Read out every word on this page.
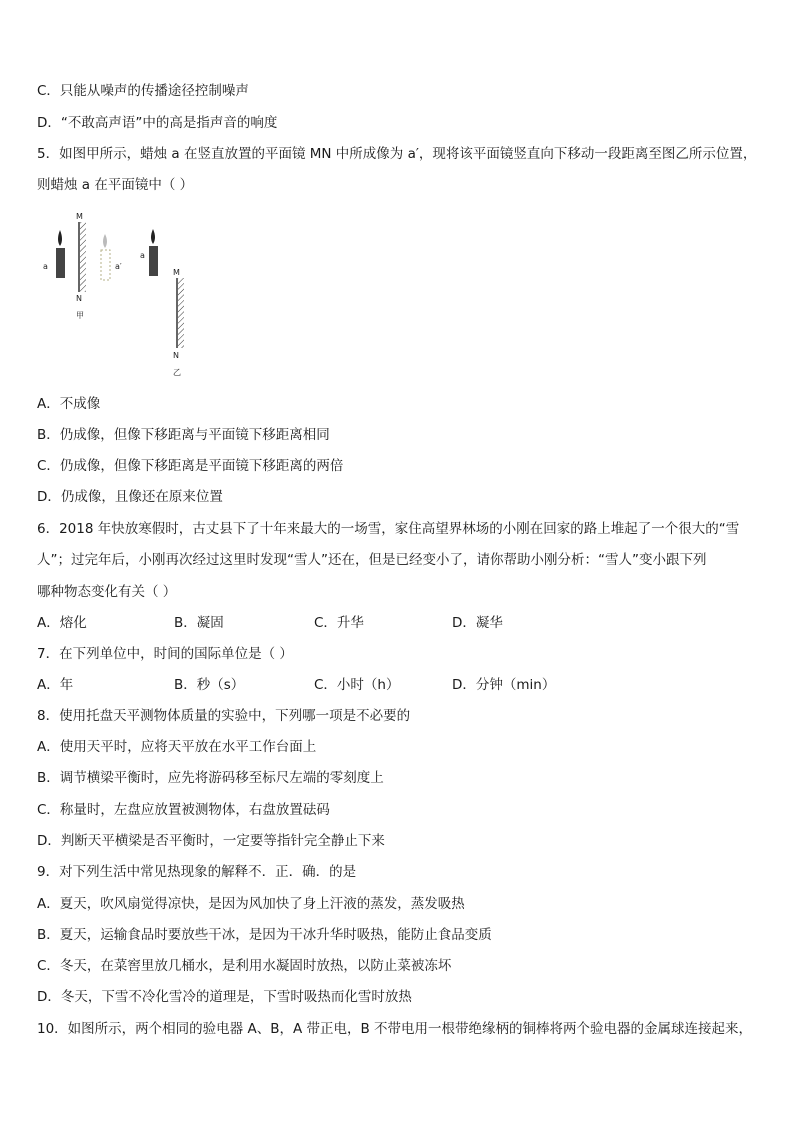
C．只能从噪声的传播途径控制噪声
D．“不敢高声语”中的高是指声音的响度
5．如图甲所示，蜡烛 a 在竖直放置的平面镜 MN 中所成像为 a′，现将该平面镜竖直向下移动一段距离至图乙所示位置，
则蜡烛 a 在平面镜中（ ）
a
M
N
甲
a′
a
M
N
乙
A．不成像
B．仍成像，但像下移距离与平面镜下移距离相同
C．仍成像，但像下移距离是平面镜下移距离的两倍
D．仍成像，且像还在原来位置
6．2018 年快放寒假时，古丈县下了十年来最大的一场雪，家住高望界林场的小刚在回家的路上堆起了一个很大的“雪
人”；过完年后，小刚再次经过这里时发现“雪人”还在，但是已经变小了，请你帮助小刚分析：“雪人”变小跟下列
哪种物态变化有关（ ）
A．熔化	B．凝固	C．升华	D．凝华
7．在下列单位中，时间的国际单位是（ ）
A．年	B．秒（s）	C．小时（h）	D．分钟（min）
8．使用托盘天平测物体质量的实验中，下列哪一项是不必要的
A．使用天平时，应将天平放在水平工作台面上
B．调节横梁平衡时，应先将游码移至标尺左端的零刻度上
C．称量时，左盘应放置被测物体，右盘放置砝码
D．判断天平横梁是否平衡时，一定要等指针完全静止下来
9．对下列生活中常见热现象的解释不．正．确．的是
A．夏天，吹风扇觉得凉快，是因为风加快了身上汗液的蒸发，蒸发吸热
B．夏天，运输食品时要放些干冰，是因为干冰升华时吸热，能防止食品变质
C．冬天，在菜窖里放几桶水，是利用水凝固时放热，以防止菜被冻坏
D．冬天，下雪不冷化雪冷的道理是，下雪时吸热而化雪时放热
10．如图所示，两个相同的验电器 A、B，A 带正电，B 不带电用一根带绝缘柄的铜棒将两个验电器的金属球连接起来，
